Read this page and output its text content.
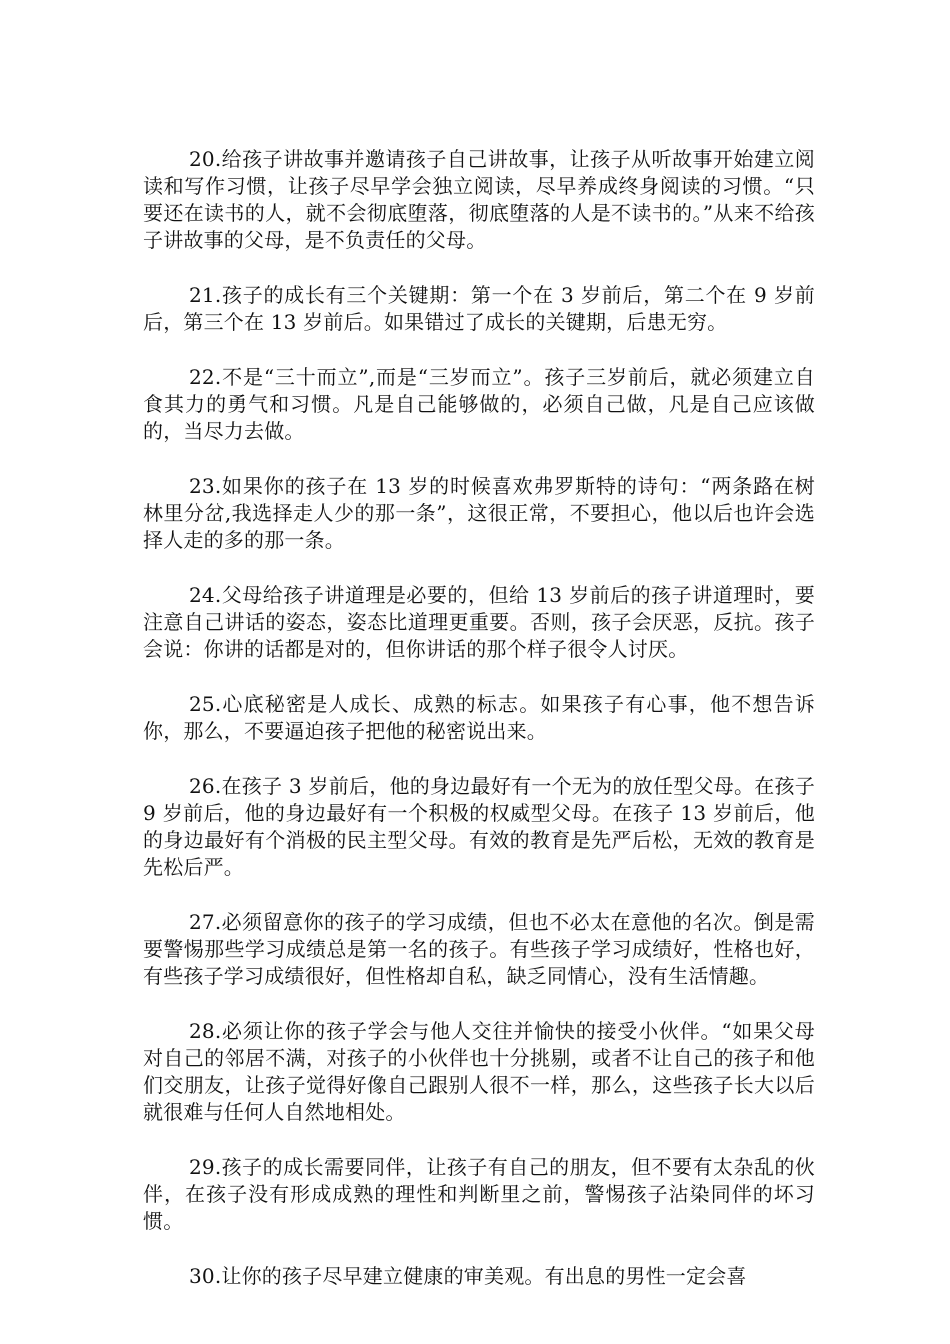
20.给孩子讲故事并邀请孩子自己讲故事，让孩子从听故事开始建立阅读和写作习惯，让孩子尽早学会独立阅读，尽早养成终身阅读的习惯。“只要还在读书的人，就不会彻底堕落，彻底堕落的人是不读书的。”从来不给孩子讲故事的父母，是不负责任的父母。

21.孩子的成长有三个关键期：第一个在 3 岁前后，第二个在 9 岁前后，第三个在 13 岁前后。如果错过了成长的关键期，后患无穷。

22.不是“三十而立”,而是“三岁而立”。孩子三岁前后，就必须建立自食其力的勇气和习惯。凡是自己能够做的，必须自己做，凡是自己应该做的，当尽力去做。

23.如果你的孩子在 13 岁的时候喜欢弗罗斯特的诗句：“两条路在树林里分岔,我选择走人少的那一条”，这很正常，不要担心，他以后也许会选择人走的多的那一条。

24.父母给孩子讲道理是必要的，但给 13 岁前后的孩子讲道理时，要注意自己讲话的姿态，姿态比道理更重要。否则，孩子会厌恶，反抗。孩子会说：你讲的话都是对的，但你讲话的那个样子很令人讨厌。

25.心底秘密是人成长、成熟的标志。如果孩子有心事，他不想告诉你，那么，不要逼迫孩子把他的秘密说出来。

26.在孩子 3 岁前后，他的身边最好有一个无为的放任型父母。在孩子 9 岁前后，他的身边最好有一个积极的权威型父母。在孩子 13 岁前后，他的身边最好有个消极的民主型父母。有效的教育是先严后松，无效的教育是先松后严。

27.必须留意你的孩子的学习成绩，但也不必太在意他的名次。倒是需要警惕那些学习成绩总是第一名的孩子。有些孩子学习成绩好，性格也好，有些孩子学习成绩很好，但性格却自私，缺乏同情心，没有生活情趣。

28.必须让你的孩子学会与他人交往并愉快的接受小伙伴。“如果父母对自己的邻居不满，对孩子的小伙伴也十分挑剔，或者不让自己的孩子和他们交朋友，让孩子觉得好像自己跟别人很不一样，那么，这些孩子长大以后就很难与任何人自然地相处。

29.孩子的成长需要同伴，让孩子有自己的朋友，但不要有太杂乱的伙伴，在孩子没有形成成熟的理性和判断里之前，警惕孩子沾染同伴的坏习惯。

30.让你的孩子尽早建立健康的审美观。有出息的男性一定会喜
